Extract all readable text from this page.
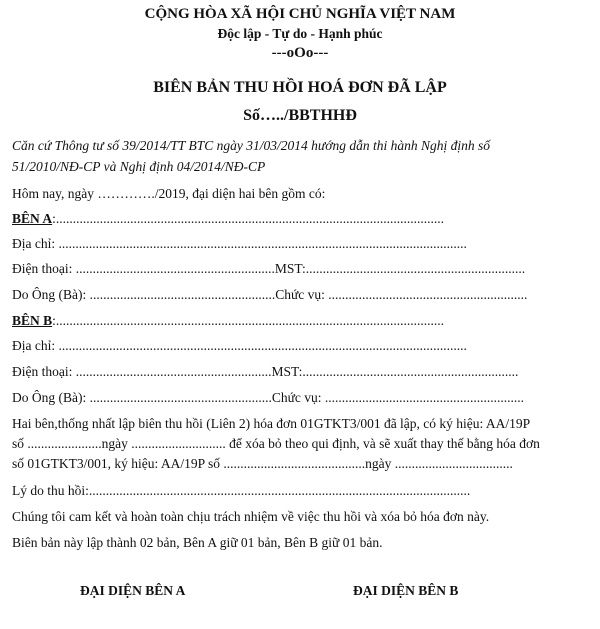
CỘNG HÒA XÃ HỘI CHỦ NGHĨA VIỆT NAM
Độc lập - Tự do - Hạnh phúc
---oOo---
BIÊN BẢN THU HỒI HOÁ ĐƠN ĐÃ LẬP
Số…../BBTHHĐ
Căn cứ Thông tư số 39/2014/TT BTC ngày 31/03/2014 hướng dẫn thi hành Nghị định số
51/2010/NĐ-CP và Nghị định 04/2014/NĐ-CP
Hôm nay, ngày …………./2019, đại diện hai bên gồm có:
BÊN A:...................................................................................................................
Địa chỉ: .........................................................................................................................
Điện thoại: ...........................................................MST:.................................................................
Do Ông (Bà): .......................................................Chức vụ: ...........................................................
BÊN B:...................................................................................................................
Địa chỉ: .........................................................................................................................
Điện thoại: ..........................................................MST:................................................................
Do Ông (Bà): ......................................................Chức vụ: ...........................................................
Hai bên,thống nhất lập biên thu hồi (Liên 2) hóa đơn 01GTKT3/001 đã lập, có ký hiệu: AA/19P
số ......................ngày ............................ để xóa bỏ theo qui định, và sẽ xuất thay thế bằng hóa đơn
số 01GTKT3/001, ký hiệu: AA/19P số ..........................................ngày ...................................
Lý do thu hồi:.................................................................................................................
Chúng tôi cam kết và hoàn toàn chịu trách nhiệm về việc thu hồi và xóa bỏ hóa đơn này.
Biên bản này lập thành 02 bản, Bên A giữ 01 bản, Bên B giữ 01 bản.
ĐẠI DIỆN BÊN A	ĐẠI DIỆN BÊN B
